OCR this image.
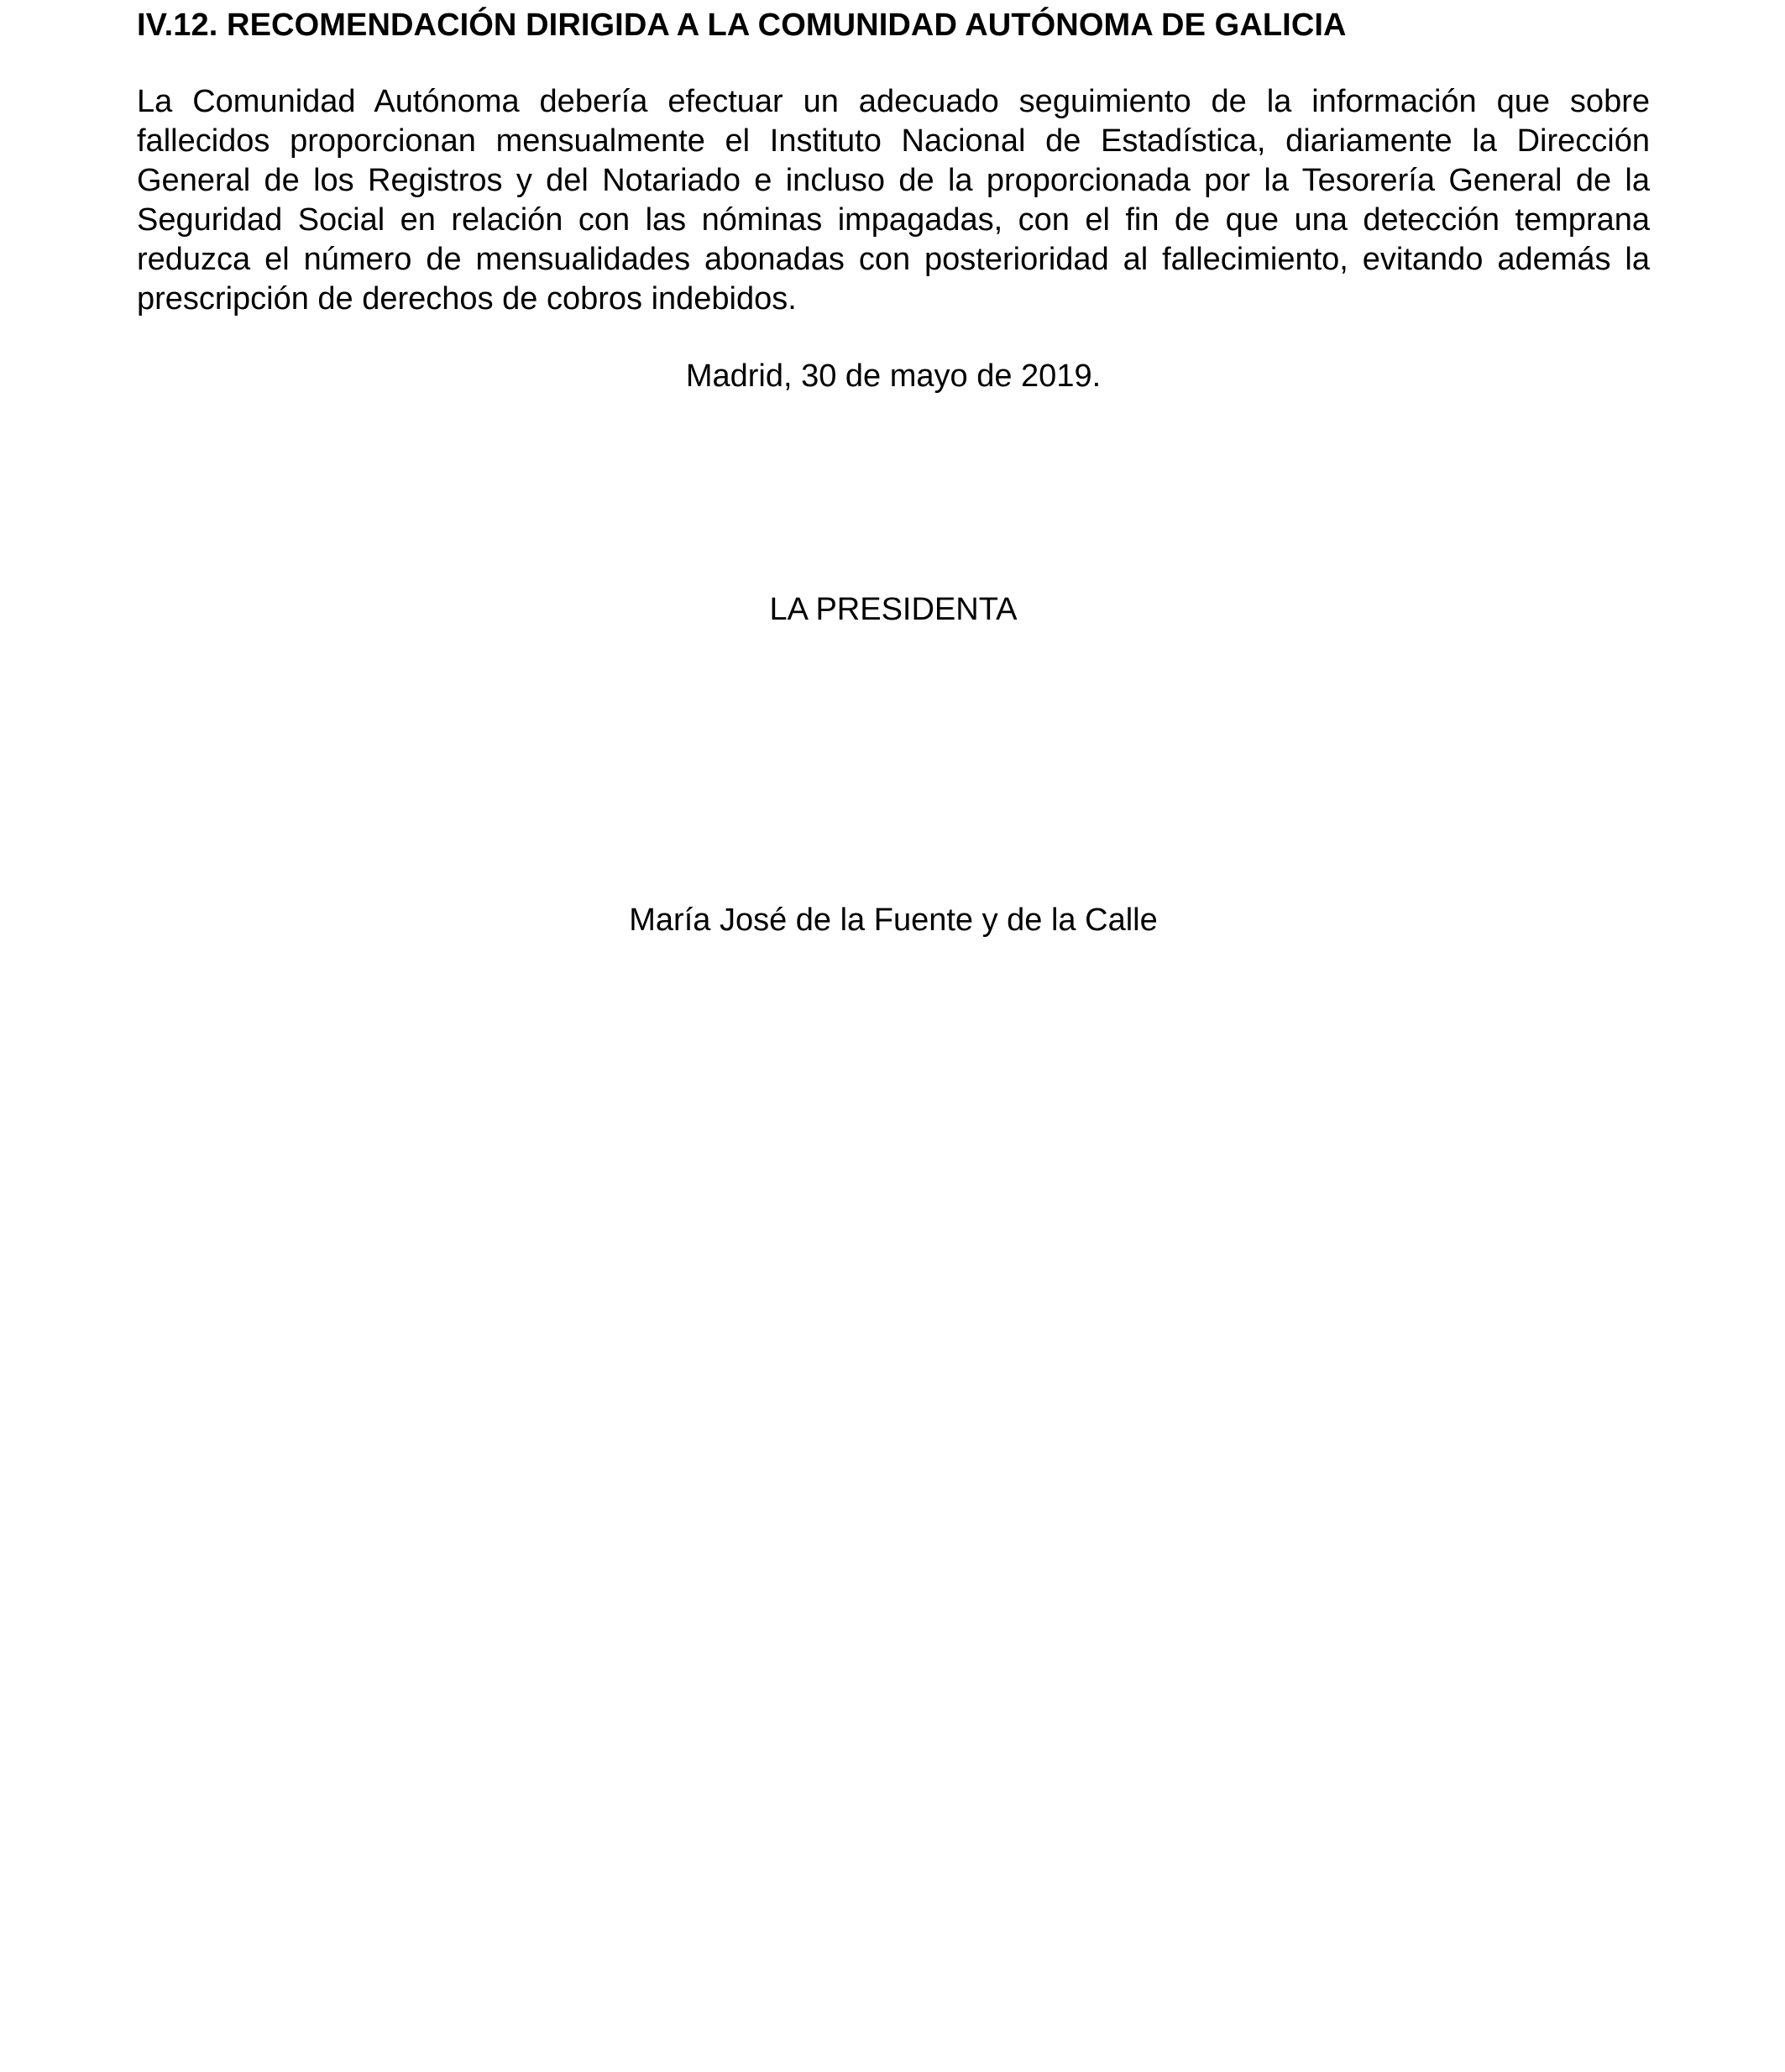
IV.12. RECOMENDACIÓN DIRIGIDA A LA COMUNIDAD AUTÓNOMA DE GALICIA

La Comunidad Autónoma debería efectuar un adecuado seguimiento de la información que sobre fallecidos proporcionan mensualmente el Instituto Nacional de Estadística, diariamente la Dirección General de los Registros y del Notariado e incluso de la proporcionada por la Tesorería General de la Seguridad Social en relación con las nóminas impagadas, con el fin de que una detección temprana reduzca el número de mensualidades abonadas con posterioridad al fallecimiento, evitando además la prescripción de derechos de cobros indebidos.

Madrid, 30 de mayo de 2019.

LA PRESIDENTA

María José de la Fuente y de la Calle
